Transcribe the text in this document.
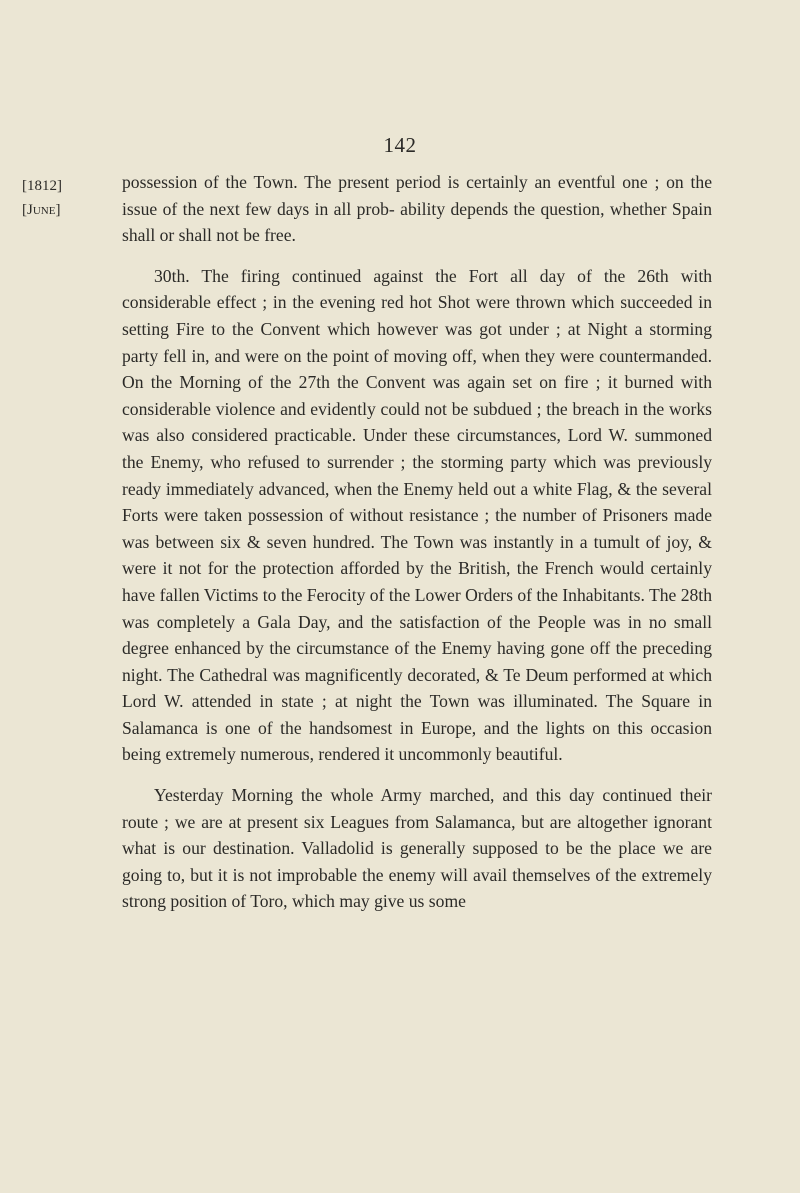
142
[1812]
[June]

possession of the Town. The present period is certainly an eventful one ; on the issue of the next few days in all prob- ability depends the question, whether Spain shall or shall not be free.

30th. The firing continued against the Fort all day of the 26th with considerable effect ; in the evening red hot Shot were thrown which succeeded in setting Fire to the Convent which however was got under ; at Night a storming party fell in, and were on the point of moving off, when they were countermanded. On the Morning of the 27th the Convent was again set on fire ; it burned with considerable violence and evidently could not be subdued ; the breach in the works was also considered practicable. Under these circumstances, Lord W. summoned the Enemy, who refused to surrender ; the storming party which was previously ready immediately advanced, when the Enemy held out a white Flag, & the several Forts were taken possession of without resistance ; the number of Prisoners made was between six & seven hundred. The Town was instantly in a tumult of joy, & were it not for the protection afforded by the British, the French would certainly have fallen Victims to the Ferocity of the Lower Orders of the Inhabitants. The 28th was completely a Gala Day, and the satisfaction of the People was in no small degree enhanced by the circumstance of the Enemy having gone off the preceding night. The Cathedral was magnificently decorated, & Te Deum performed at which Lord W. attended in state ; at night the Town was illuminated. The Square in Salamanca is one of the handsomest in Europe, and the lights on this occasion being extremely numerous, rendered it uncommonly beautiful.

Yesterday Morning the whole Army marched, and this day continued their route ; we are at present six Leagues from Salamanca, but are altogether ignorant what is our destination. Valladolid is generally supposed to be the place we are going to, but it is not improbable the enemy will avail themselves of the extremely strong position of Toro, which may give us some
